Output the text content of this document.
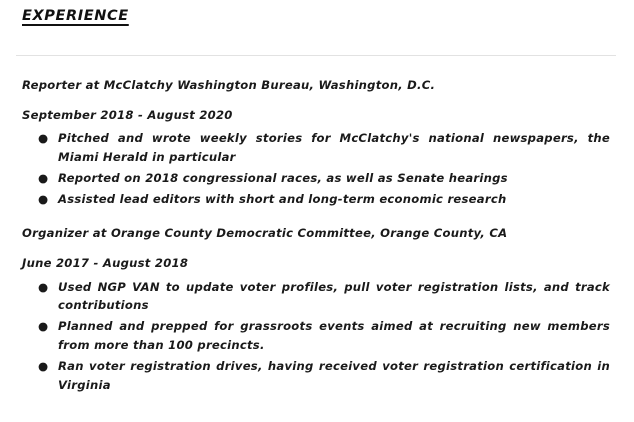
EXPERIENCE
Reporter at McClatchy Washington Bureau, Washington, D.C.
September 2018 - August 2020
● Pitched and wrote weekly stories for McClatchy's national newspapers, the Miami Herald in particular
● Reported on 2018 congressional races, as well as Senate hearings
● Assisted lead editors with short and long-term economic research
Organizer at Orange County Democratic Committee, Orange County, CA
June 2017 - August 2018
● Used NGP VAN to update voter profiles, pull voter registration lists, and track contributions
● Planned and prepped for grassroots events aimed at recruiting new members from more than 100 precincts.
● Ran voter registration drives, having received voter registration certification in Virginia
